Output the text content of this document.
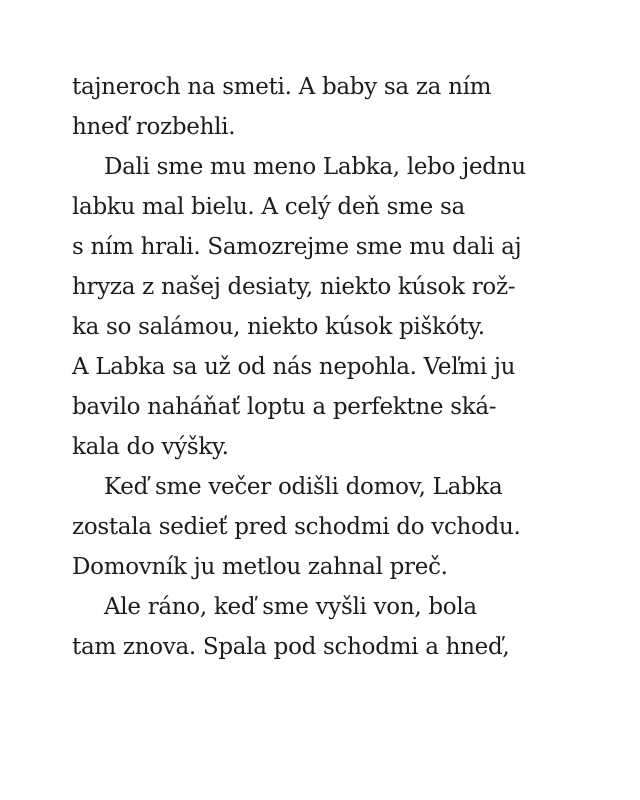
tajneroch na smeti. A baby sa za ním
hneď rozbehli.
Dali sme mu meno Labka, lebo jednu
labku mal bielu. A celý deň sme sa
s ním hrali. Samozrejme sme mu dali aj
hryza z našej desiaty, niekto kúsok rož-
ka so salámou, niekto kúsok piškóty.
A Labka sa už od nás nepohla. Veľmi ju
bavilo naháňať loptu a perfektne ská-
kala do výšky.
Keď sme večer odišli domov, Labka
zostala sedieť pred schodmi do vchodu.
Domovník ju metlou zahnal preč.
Ale ráno, keď sme vyšli von, bola
tam znova. Spala pod schodmi a hneď,
